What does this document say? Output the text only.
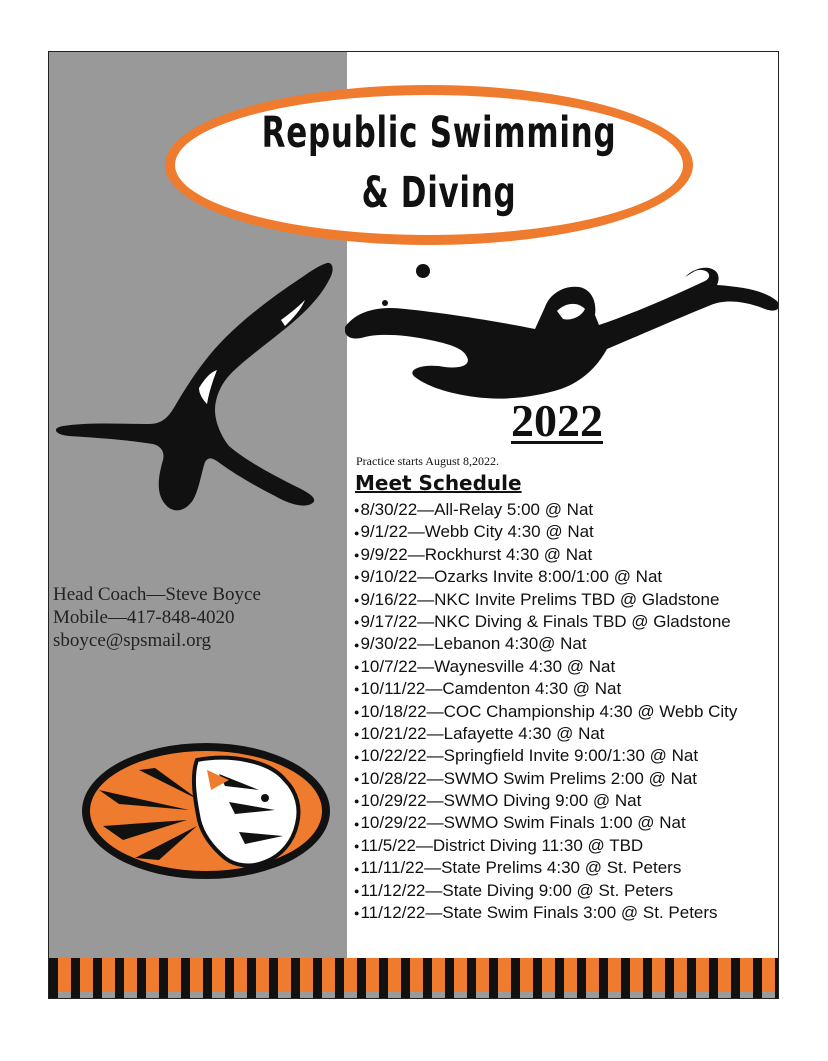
Republic Swimming
& Diving
2022
Practice starts August 8,2022.
Meet Schedule
●8/30/22—All-Relay 5:00 @ Nat
●9/1/22—Webb City 4:30 @ Nat
●9/9/22—Rockhurst 4:30 @ Nat
●9/10/22—Ozarks Invite 8:00/1:00 @ Nat
●9/16/22—NKC Invite Prelims TBD @ Gladstone
●9/17/22—NKC Diving & Finals TBD @ Gladstone
●9/30/22—Lebanon 4:30@ Nat
●10/7/22—Waynesville 4:30 @ Nat
●10/11/22—Camdenton 4:30 @ Nat
●10/18/22—COC Championship 4:30 @ Webb City
●10/21/22—Lafayette 4:30 @ Nat
●10/22/22—Springfield Invite 9:00/1:30 @ Nat
●10/28/22—SWMO Swim Prelims 2:00 @ Nat
●10/29/22—SWMO Diving 9:00 @ Nat
●10/29/22—SWMO Swim Finals 1:00 @ Nat
●11/5/22—District Diving 11:30 @ TBD
●11/11/22—State Prelims 4:30 @ St. Peters
●11/12/22—State Diving 9:00 @ St. Peters
●11/12/22—State Swim Finals 3:00 @ St. Peters
Head Coach—Steve Boyce
Mobile—417-848-4020
sboyce@spsmail.org
